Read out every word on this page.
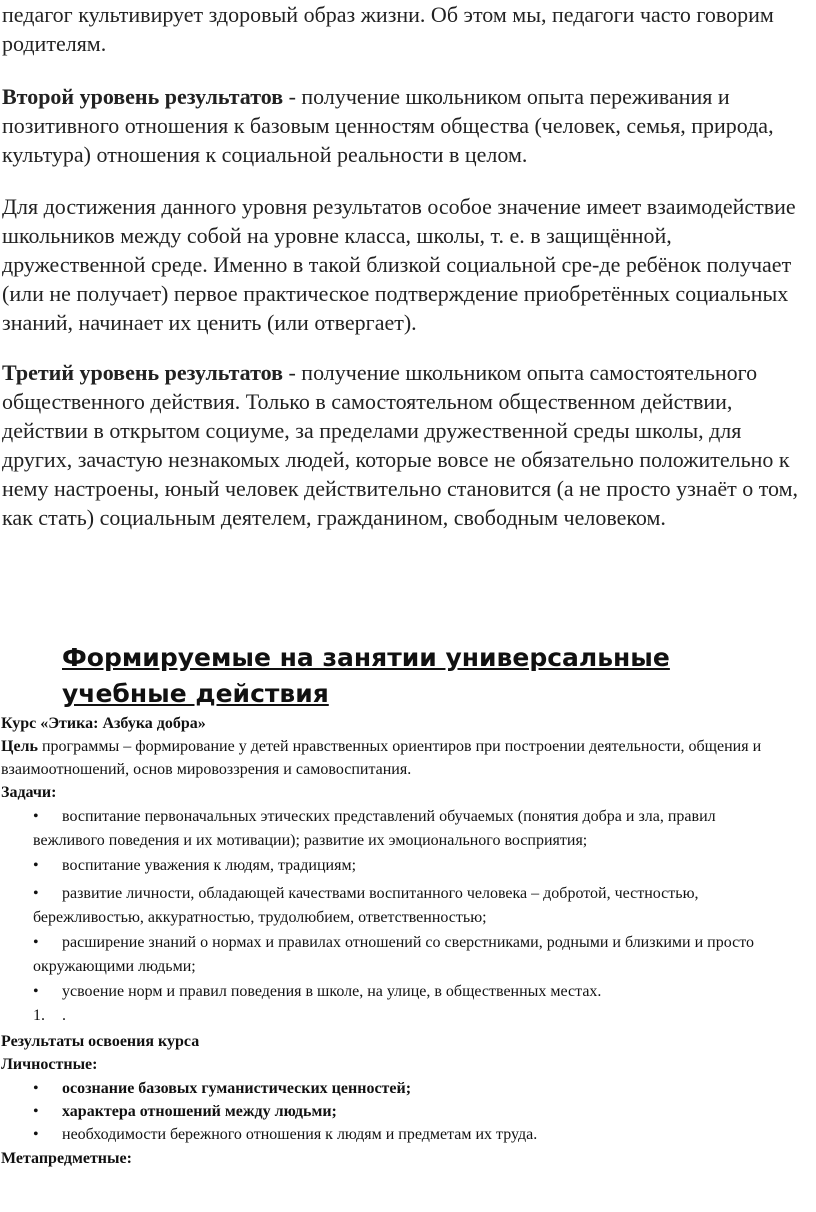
педагог культивирует здоровый образ жизни. Об этом мы, педагоги часто говорим родителям.

Второй уровень результатов - получение школьником опыта переживания и позитивного отношения к базовым ценностям общества (человек, семья, природа, культура) отношения к социальной реальности в целом.

Для достижения данного уровня результатов особое значение имеет взаимодействие школьников между собой на уровне класса, школы, т. е. в защищённой, дружественной среде. Именно в такой близкой социальной сре-де ребёнок получает (или не получает) первое практическое подтверждение приобретённых социальных знаний, начинает их ценить (или отвергает).

Третий уровень результатов - получение школьником опыта самостоятельного общественного действия. Только в самостоятельном общественном действии, действии в открытом социуме, за пределами дружественной среды школы, для других, зачастую незнакомых людей, которые вовсе не обязательно положительно к нему настроены, юный человек действительно становится (а не просто узнаёт о том, как стать) социальным деятелем, гражданином, свободным человеком.

Формируемые на занятии универсальные

учебные действия

Курс «Этика: Азбука добра»

Цель программы – формирование у детей нравственных ориентиров при построении деятельности, общения и взаимоотношений, основ мировоззрения и самовоспитания.

Задачи:

• воспитание первоначальных этических представлений обучаемых (понятия добра и зла, правил

вежливого поведения и их мотивации); развитие их эмоционального восприятия;

• воспитание уважения к людям, традициям;
• развитие личности, обладающей качествами воспитанного человека – добротой, честностью,

бережливостью, аккуратностью, трудолюбием, ответственностью;

• расширение знаний о нормах и правилах отношений со сверстниками, родными и близкими и просто

окружающими людьми;

• усвоение норм и правил поведения в школе, на улице, в общественных местах.

1. .

Результаты освоения курса

Личностные:

• осознание базовых гуманистических ценностей;
• характера отношений между людьми;
• необходимости бережного отношения к людям и предметам их труда.

Метапредметные:
